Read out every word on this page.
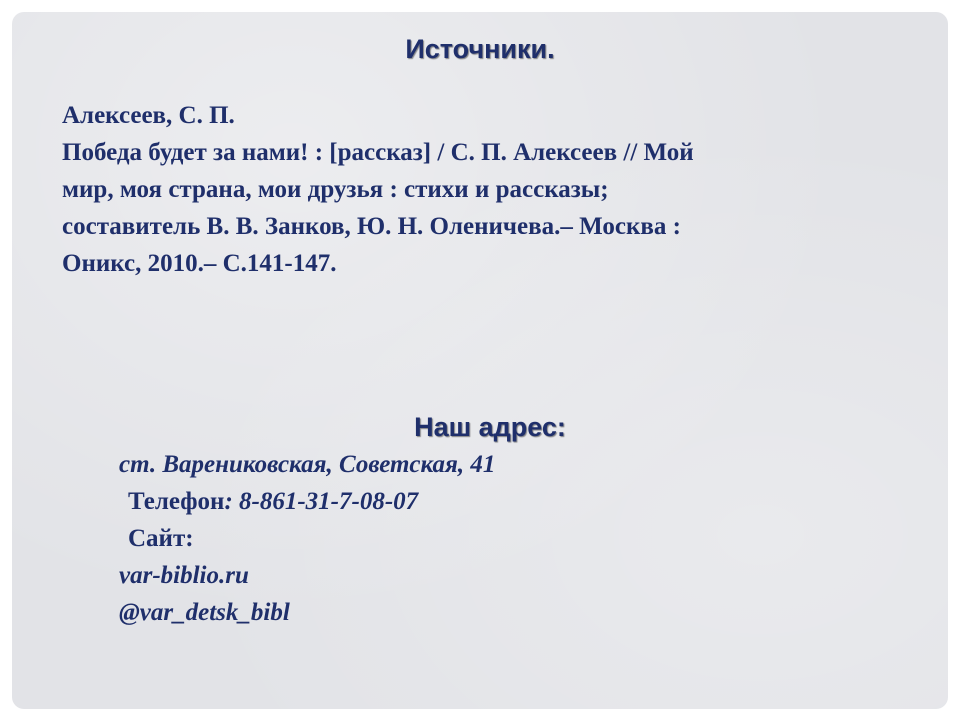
Источники.
Алексеев, С. П.
Победа будет за нами! : [рассказ] / С. П. Алексеев // Мой
мир, моя страна, мои друзья : стихи и рассказы;
составитель В. В. Занков, Ю. Н. Оленичева.– Москва :
Оникс, 2010.– С.141-147.
Наш адрес:
ст. Варениковская, Советская, 41
Телефон: 8-861-31-7-08-07
Сайт:
var-biblio.ru
@var_detsk_bibl
